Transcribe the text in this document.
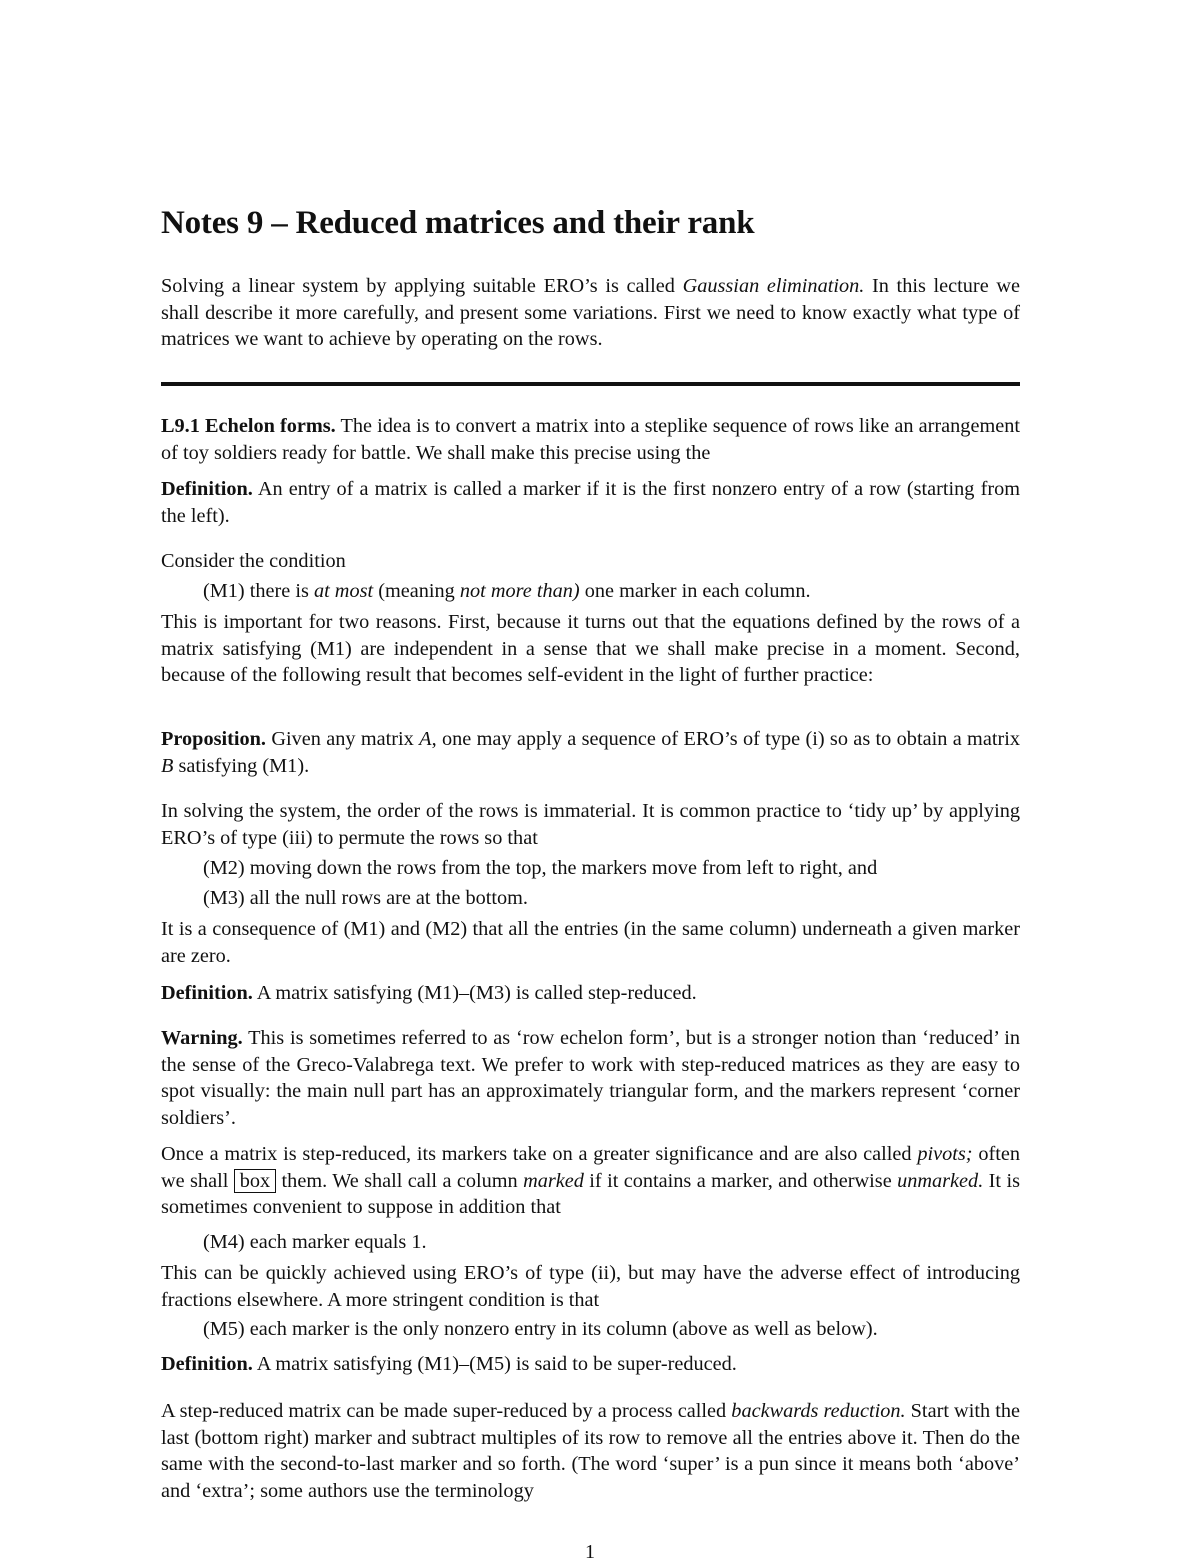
Notes 9 – Reduced matrices and their rank

Solving a linear system by applying suitable ERO’s is called Gaussian elimination. In this lecture we shall describe it more carefully, and present some variations. First we need to know exactly what type of matrices we want to achieve by operating on the rows.

L9.1 Echelon forms. The idea is to convert a matrix into a steplike sequence of rows like an arrangement of toy soldiers ready for battle. We shall make this precise using the

Definition. An entry of a matrix is called a marker if it is the first nonzero entry of a row (starting from the left).

Consider the condition

(M1) there is at most (meaning not more than) one marker in each column.

This is important for two reasons. First, because it turns out that the equations defined by the rows of a matrix satisfying (M1) are independent in a sense that we shall make precise in a moment. Second, because of the following result that becomes self-evident in the light of further practice:

Proposition. Given any matrix A, one may apply a sequence of ERO’s of type (i) so as to obtain a matrix B satisfying (M1).

In solving the system, the order of the rows is immaterial. It is common practice to ‘tidy up’ by applying ERO’s of type (iii) to permute the rows so that

(M2) moving down the rows from the top, the markers move from left to right, and

(M3) all the null rows are at the bottom.

It is a consequence of (M1) and (M2) that all the entries (in the same column) underneath a given marker are zero.

Definition. A matrix satisfying (M1)–(M3) is called step-reduced.

Warning. This is sometimes referred to as ‘row echelon form’, but is a stronger notion than ‘reduced’ in the sense of the Greco-Valabrega text. We prefer to work with step-reduced matrices as they are easy to spot visually: the main null part has an approximately triangular form, and the markers represent ‘corner soldiers’.

Once a matrix is step-reduced, its markers take on a greater significance and are also called pivots; often we shall box them. We shall call a column marked if it contains a marker, and otherwise unmarked. It is sometimes convenient to suppose in addition that

(M4) each marker equals 1.

This can be quickly achieved using ERO’s of type (ii), but may have the adverse effect of introducing fractions elsewhere. A more stringent condition is that

(M5) each marker is the only nonzero entry in its column (above as well as below).

Definition. A matrix satisfying (M1)–(M5) is said to be super-reduced.

A step-reduced matrix can be made super-reduced by a process called backwards reduction. Start with the last (bottom right) marker and subtract multiples of its row to remove all the entries above it. Then do the same with the second-to-last marker and so forth. (The word ‘super’ is a pun since it means both ‘above’ and ‘extra’; some authors use the terminology

1
